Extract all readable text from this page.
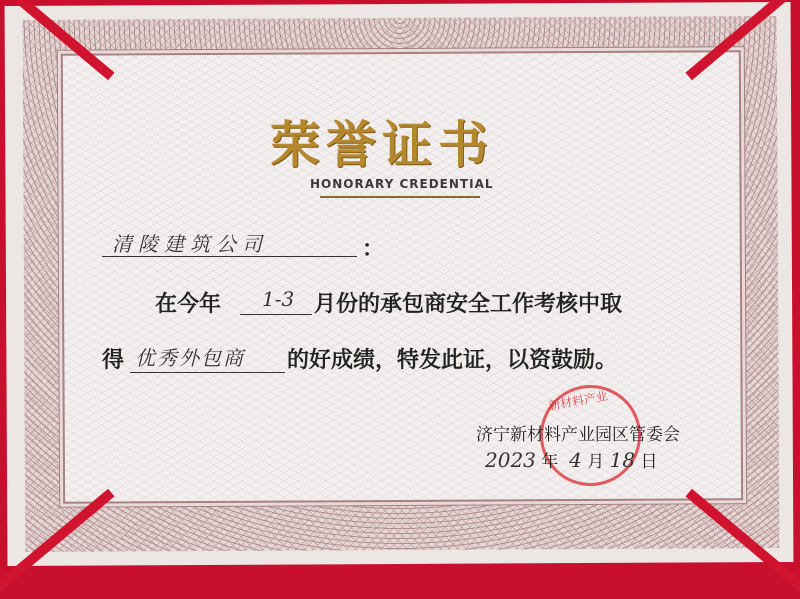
荣誉证书
HONORARY CREDENTIAL
清陵建筑公司	：
在今年 1-3 月份的承包商安全工作考核中取
得 优秀外包商 的好成绩，特发此证，以资鼓励。
新材料产业
济宁新材料产业园区管委会
2023 年 4 月 18 日
